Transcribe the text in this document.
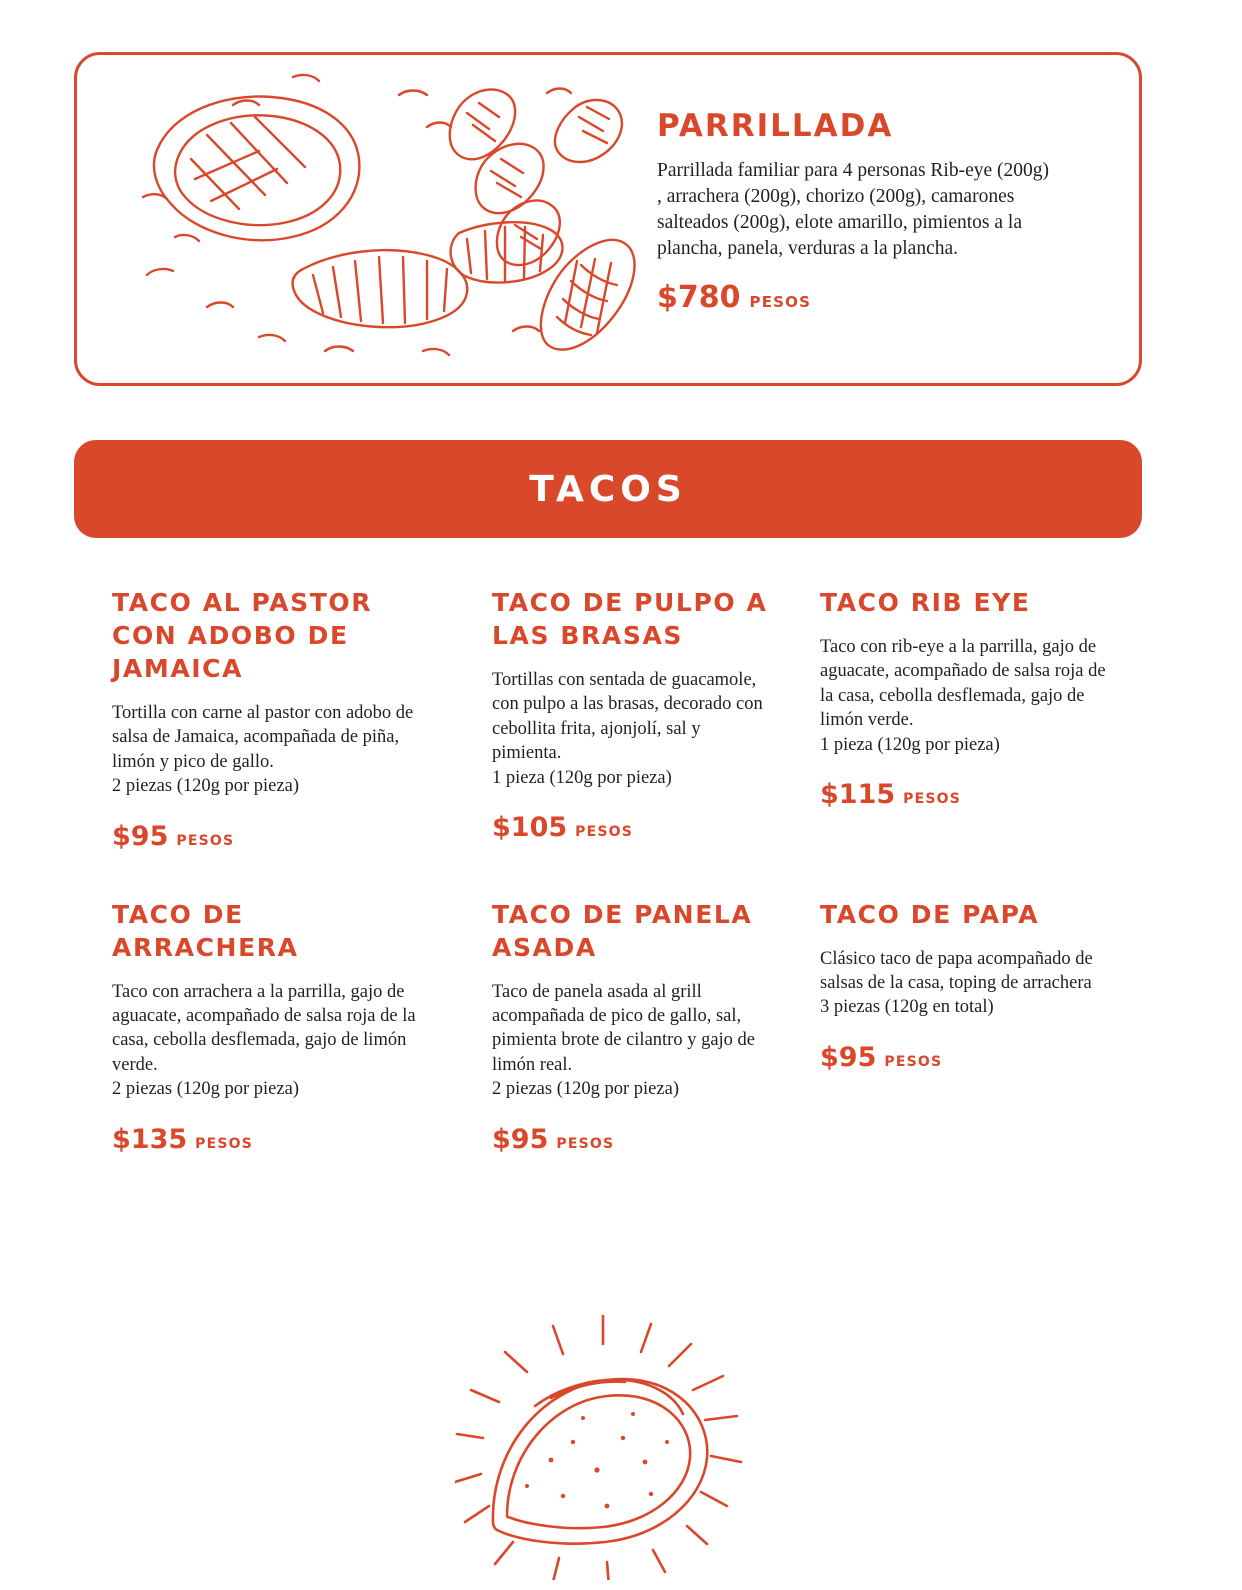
PARRILLADA

Parrillada familiar para 4 personas Rib-eye (200g) , arrachera (200g), chorizo (200g), camarones salteados (200g), elote amarillo, pimientos a la plancha, panela, verduras a la plancha.

$780 PESOS
TACOS
TACO AL PASTOR CON ADOBO DE JAMAICA

Tortilla con carne al pastor con adobo de salsa de Jamaica, acompañada de piña, limón y pico de gallo.

2 piezas (120g por pieza)

$95 PESOS
TACO DE PULPO A LAS BRASAS

Tortillas con sentada de guacamole, con pulpo a las brasas, decorado con cebollita frita, ajonjolí, sal y pimienta.

1 pieza (120g por pieza)

$105 PESOS
TACO RIB EYE

Taco con rib-eye a la parrilla, gajo de aguacate, acompañado de salsa roja de la casa, cebolla desflemada, gajo de limón verde.

1 pieza (120g por pieza)

$115 PESOS
TACO DE ARRACHERA

Taco con arrachera a la parrilla, gajo de aguacate, acompañado de salsa roja de la casa, cebolla desflemada, gajo de limón verde.

2 piezas (120g por pieza)

$135 PESOS
TACO DE PANELA ASADA

Taco de panela asada al grill acompañada de pico de gallo, sal, pimienta brote de cilantro y gajo de limón real.

2 piezas (120g por pieza)

$95 PESOS
TACO DE PAPA

Clásico taco de papa acompañado de salsas de la casa, toping de arrachera

3 piezas (120g en total)

$95 PESOS
